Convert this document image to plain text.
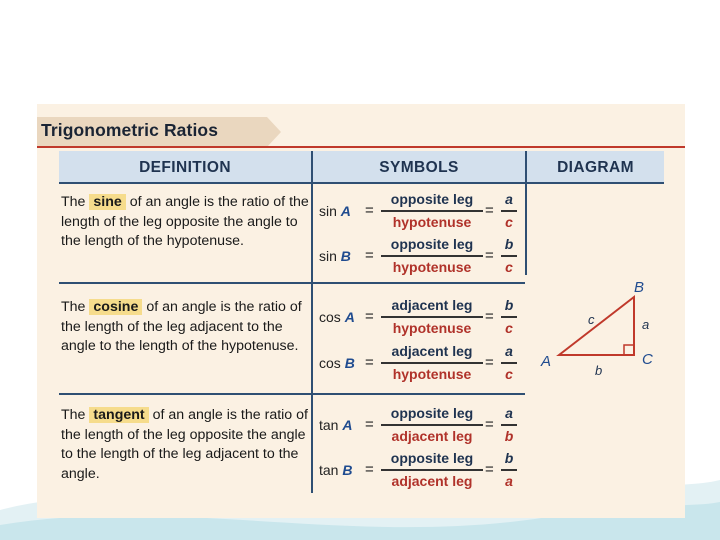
Trigonometric Ratios
DEFINITION	SYMBOLS	DIAGRAM
The sine of an angle is the ratio of the length of the leg opposite the angle to the length of the hypotenuse.
sin A =
opposite leg
hypotenuse
=
a
c
sin B =
opposite leg
hypotenuse
=
b
c
The cosine of an angle is the ratio of the length of the leg adjacent to the angle to the length of the hypotenuse.
cos A =
adjacent leg
hypotenuse
=
b
c
cos B =
adjacent leg
hypotenuse
=
a
c
The tangent of an angle is the ratio of the length of the leg opposite the angle to the length of the leg adjacent to the angle.
tan A =
opposite leg
adjacent leg
=
a
b
tan B =
opposite leg
adjacent leg
=
b
a
A
B
C
a
b
c
